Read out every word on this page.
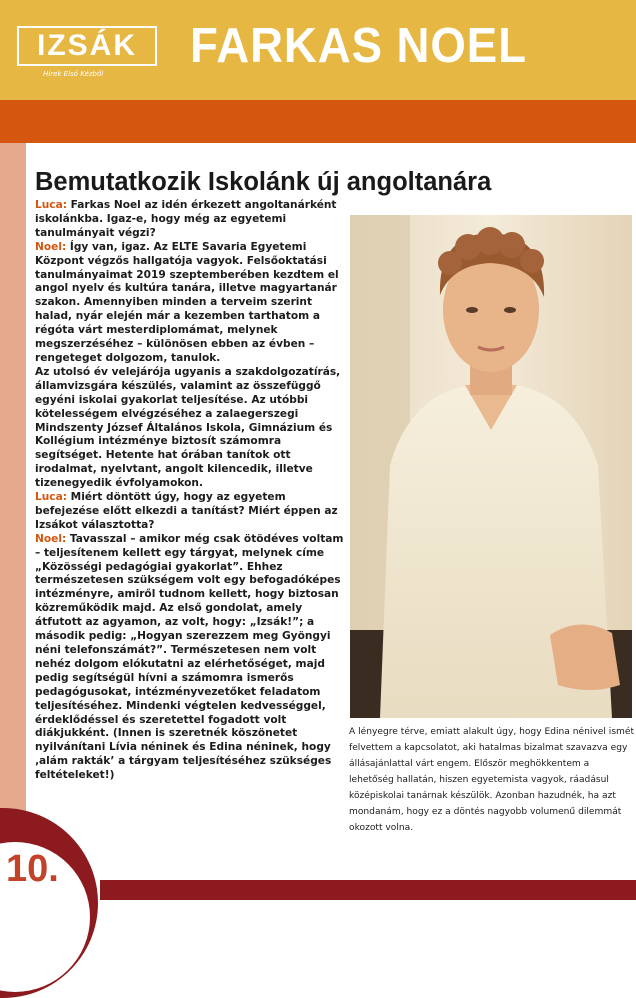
IZSÁK
Hírek Első Kézből
FARKAS NOEL
Bemutatkozik Iskolánk új angoltanára

Luca: Farkas Noel az idén érkezett angoltanárként iskolánkba. Igaz-e, hogy még az egyetemi tanulmányait végzi?

Noel: Így van, igaz. Az ELTE Savaria Egyetemi Központ végzős hallgatója vagyok. Felsőoktatási tanulmányaimat 2019 szeptemberében kezdtem el angol nyelv és kultúra tanára, illetve magyartanár szakon. Amennyiben minden a terveim szerint halad, nyár elején már a kezemben tarthatom a régóta várt mesterdiplomámat, melynek megszerzéséhez – különösen ebben az évben – rengeteget dolgozom, tanulok.

Az utolsó év velejárója ugyanis a szakdolgozatírás, államvizsgára készülés, valamint az összefüggő egyéni iskolai gyakorlat teljesítése. Az utóbbi kötelességem elvégzéséhez a zalaegerszegi Mindszenty József Általános Iskola, Gimnázium és Kollégium intézménye biztosít számomra segítséget. Hetente hat órában tanítok ott irodalmat, nyelvtant, angolt kilencedik, illetve tizenegyedik évfolyamokon.

Luca: Miért döntött úgy, hogy az egyetem befejezése előtt elkezdi a tanítást? Miért éppen az Izsákot választotta?

Noel: Tavasszal – amikor még csak ötödéves voltam – teljesítenem kellett egy tárgyat, melynek címe „Közösségi pedagógiai gyakorlat”. Ehhez természetesen szükségem volt egy befogadóképes intézményre, amiről tudnom kellett, hogy biztosan közreműködik majd. Az első gondolat, amely átfutott az agyamon, az volt, hogy: „Izsák!”; a második pedig: „Hogyan szerezzem meg Gyöngyi néni telefonszámát?”. Természetesen nem volt nehéz dolgom elókutatni az elérhetőséget, majd pedig segítségül hívni a számomra ismerős pedagógusokat, intézményvezetőket feladatom teljesítéséhez. Mindenki végtelen kedvességgel, érdeklődéssel és szeretettel fogadott volt diákjukként. (Innen is szeretnék köszönetet nyilvánítani Lívia néninek és Edina néninek, hogy ‚alám rakták’ a tárgyam teljesítéséhez szükséges feltételeket!)

A lényegre térve, emiatt alakult úgy, hogy Edina nénivel ismét felvettem a kapcsolatot, aki hatalmas bizalmat szavazva egy állásajánlattal várt engem. Először meghökkentem a lehetőség hallatán, hiszen egyetemista vagyok, ráadásul középiskolai tanárnak készülök. Azonban hazudnék, ha azt mondanám, hogy ez a döntés nagyobb volumenű dilemmát okozott volna.
10.
